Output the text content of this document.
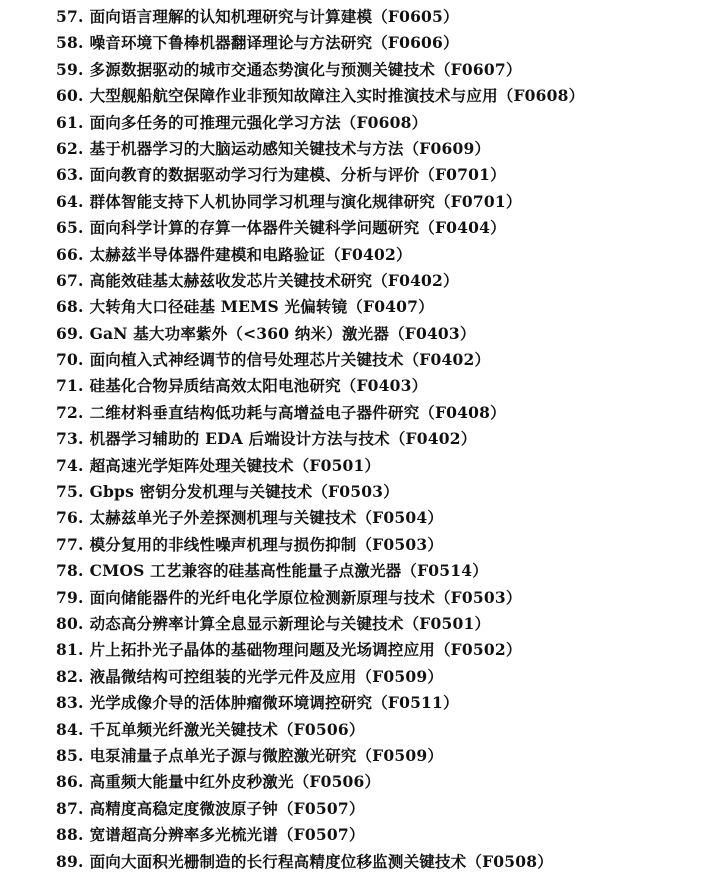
57. 面向语言理解的认知机理研究与计算建模（F0605）
58. 噪音环境下鲁棒机器翻译理论与方法研究（F0606）
59. 多源数据驱动的城市交通态势演化与预测关键技术（F0607）
60. 大型舰船航空保障作业非预知故障注入实时推演技术与应用（F0608）
61. 面向多任务的可推理元强化学习方法（F0608）
62. 基于机器学习的大脑运动感知关键技术与方法（F0609）
63. 面向教育的数据驱动学习行为建模、分析与评价（F0701）
64. 群体智能支持下人机协同学习机理与演化规律研究（F0701）
65. 面向科学计算的存算一体器件关键科学问题研究（F0404）
66. 太赫兹半导体器件建模和电路验证（F0402）
67. 高能效硅基太赫兹收发芯片关键技术研究（F0402）
68. 大转角大口径硅基 MEMS 光偏转镜（F0407）
69. GaN 基大功率紫外（<360 纳米）激光器（F0403）
70. 面向植入式神经调节的信号处理芯片关键技术（F0402）
71. 硅基化合物异质结高效太阳电池研究（F0403）
72. 二维材料垂直结构低功耗与高增益电子器件研究（F0408）
73. 机器学习辅助的 EDA 后端设计方法与技术（F0402）
74. 超高速光学矩阵处理关键技术（F0501）
75. Gbps 密钥分发机理与关键技术（F0503）
76. 太赫兹单光子外差探测机理与关键技术（F0504）
77. 模分复用的非线性噪声机理与损伤抑制（F0503）
78. CMOS 工艺兼容的硅基高性能量子点激光器（F0514）
79. 面向储能器件的光纤电化学原位检测新原理与技术（F0503）
80. 动态高分辨率计算全息显示新理论与关键技术（F0501）
81. 片上拓扑光子晶体的基础物理问题及光场调控应用（F0502）
82. 液晶微结构可控组装的光学元件及应用（F0509）
83. 光学成像介导的活体肿瘤微环境调控研究（F0511）
84. 千瓦单频光纤激光关键技术（F0506）
85. 电泵浦量子点单光子源与微腔激光研究（F0509）
86. 高重频大能量中红外皮秒激光（F0506）
87. 高精度高稳定度微波原子钟（F0507）
88. 宽谱超高分辨率多光梳光谱（F0507）
89. 面向大面积光栅制造的长行程高精度位移监测关键技术（F0508）
